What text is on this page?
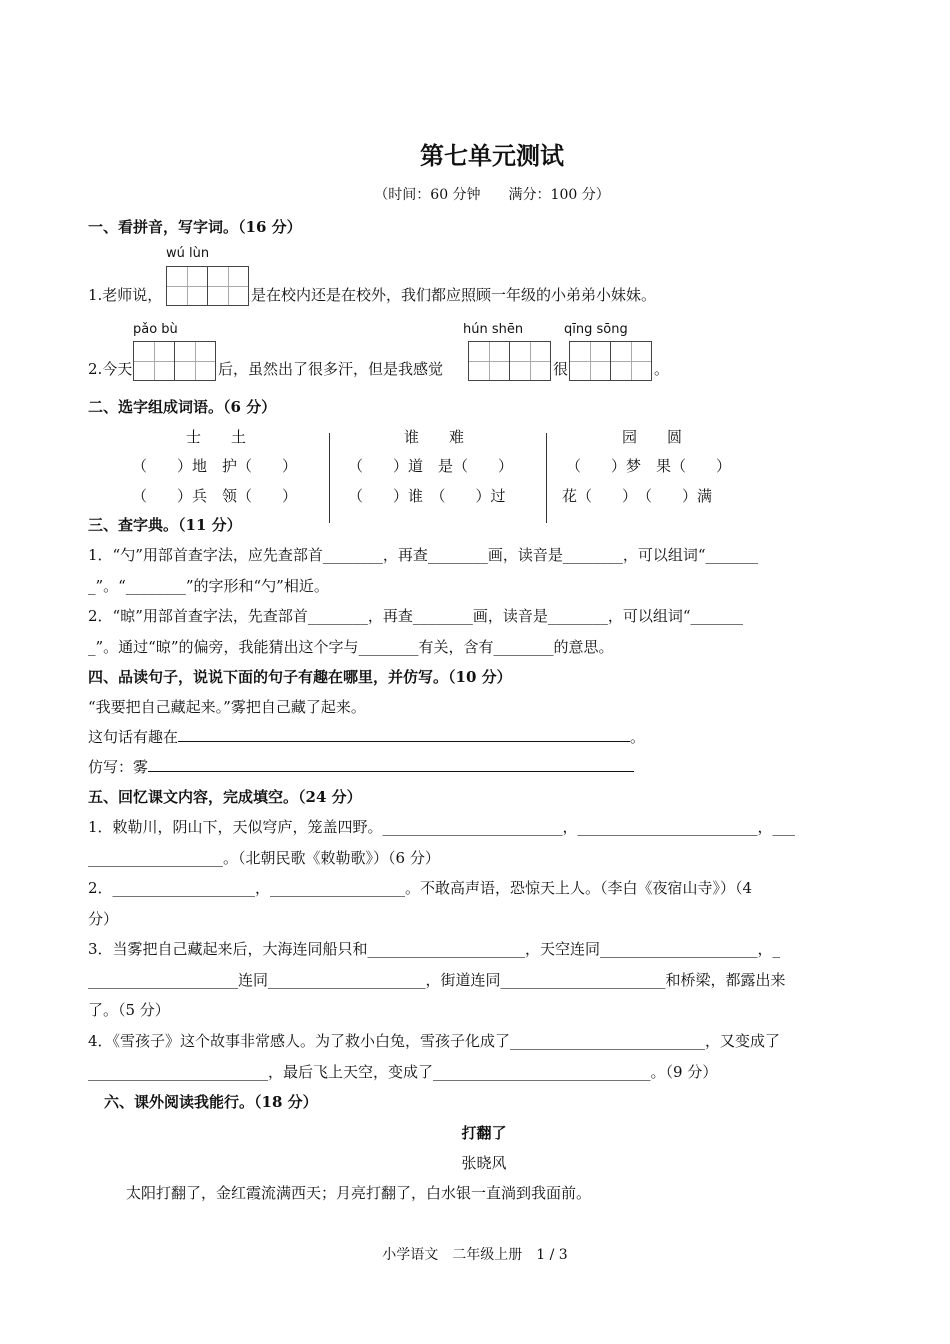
第七单元测试
（时间：60 分钟　　满分：100 分）
一、看拼音，写字词。（16 分）
wú lùn
1.老师说，	是在校内还是在校外，我们都应照顾一年级的小弟弟小妹妹。
pǎo bù	hún shēn	qīng sōng
2.今天	后，虽然出了很多汗，但是我感觉	很	。
二、选字组成词语。（6 分）
士　　土
（　　）地　护（　　）
（　　）兵　领（　　）
谁　　难
（　　）道　是（　　）
（　　）谁　（　　）过
园　　圆
（　　）梦　果（　　）
花（　　）　（　　）满
三、查字典。（11 分）
1．“勺”用部首查字法，应先查部首________，再查________画，读音是________，可以组词“_______
_”。“________”的字形和“勺”相近。
2．“晾”用部首查字法，先查部首________，再查________画，读音是________，可以组词“_______
_”。通过“晾”的偏旁，我能猜出这个字与________有关，含有________的意思。
四、品读句子，说说下面的句子有趣在哪里，并仿写。（10 分）
“我要把自己藏起来。”雾把自己藏了起来。
这句话有趣在	。
仿写：雾
五、回忆课文内容，完成填空。（24 分）
1．敕勒川，阴山下，天似穹庐，笼盖四野。________________________，________________________，___
__________________。（北朝民歌《敕勒歌》）（6 分）
2．___________________，__________________。不敢高声语，恐惊天上人。（李白《夜宿山寺》）（4
分）
3．当雾把自己藏起来后，大海连同船只和_____________________，天空连同_____________________，_
____________________连同_____________________，街道连同______________________和桥梁，都露出来
了。（5 分）
4．《雪孩子》这个故事非常感人。为了救小白兔，雪孩子化成了__________________________，又变成了
________________________，最后飞上天空，变成了_____________________________。（9 分）
六、课外阅读我能行。（18 分）
打翻了
张晓风
太阳打翻了，金红霞流满西天；月亮打翻了，白水银一直淌到我面前。
小学语文　二年级上册　1 / 3
